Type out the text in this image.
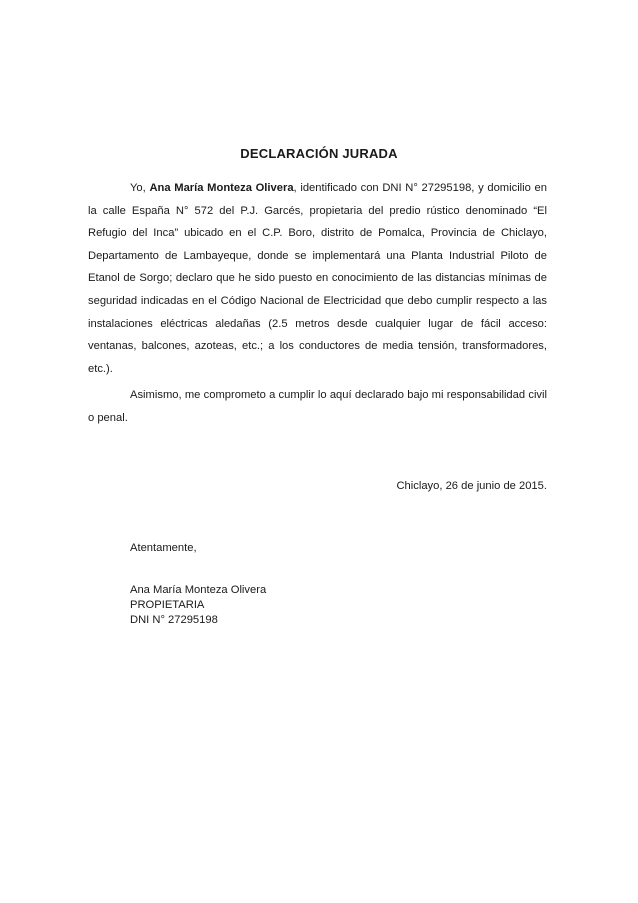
DECLARACIÓN JURADA

Yo, Ana María Monteza Olivera, identificado con DNI N° 27295198, y domicilio en la calle España N° 572 del P.J. Garcés, propietaria del predio rústico denominado “El Refugio del Inca” ubicado en el C.P. Boro, distrito de Pomalca, Provincia de Chiclayo, Departamento de Lambayeque, donde se implementará una Planta Industrial Piloto de Etanol de Sorgo; declaro que he sido puesto en conocimiento de las distancias mínimas de seguridad indicadas en el Código Nacional de Electricidad que debo cumplir respecto a las instalaciones eléctricas aledañas (2.5 metros desde cualquier lugar de fácil acceso: ventanas, balcones, azoteas, etc.; a los conductores de media tensión, transformadores, etc.).

Asimismo, me comprometo a cumplir lo aquí declarado bajo mi responsabilidad civil o penal.

Chiclayo, 26 de junio de 2015.
Atentamente,
Ana María Monteza Olivera
PROPIETARIA
DNI N° 27295198
